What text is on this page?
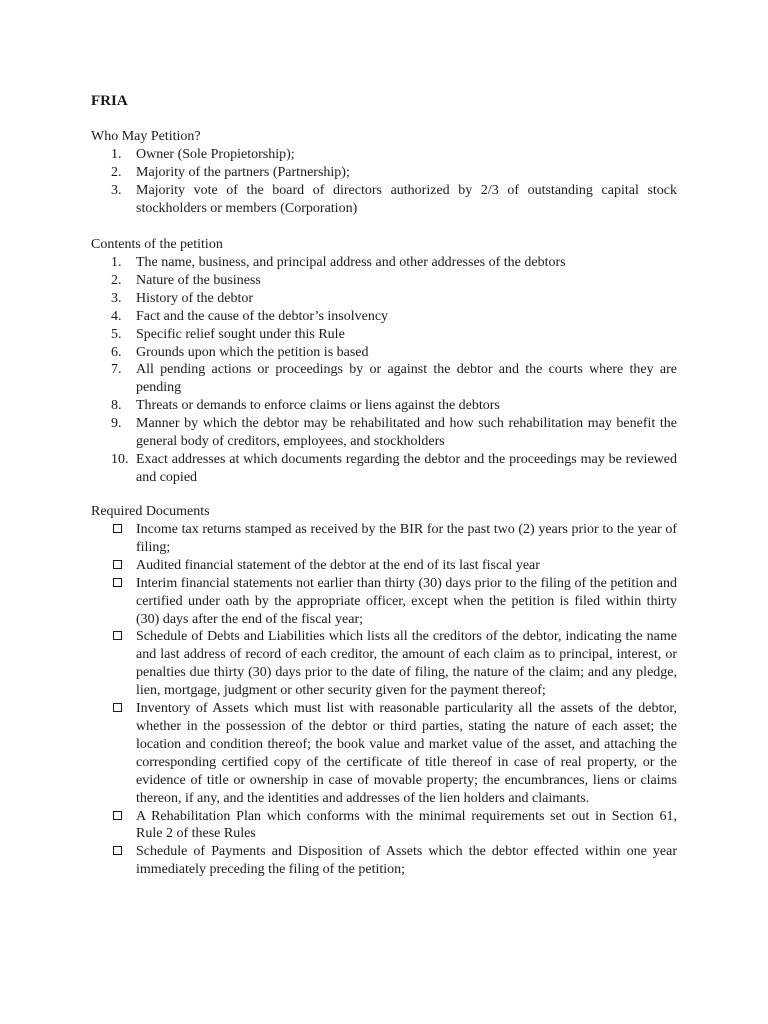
FRIA
Who May Petition?
1. Owner (Sole Propietorship);
2. Majority of the partners (Partnership);
3. Majority vote of the board of directors authorized by 2/3 of outstanding capital stock stockholders or members (Corporation)
Contents of the petition
1. The name, business, and principal address and other addresses of the debtors
2. Nature of the business
3. History of the debtor
4. Fact and the cause of the debtor’s insolvency
5. Specific relief sought under this Rule
6. Grounds upon which the petition is based
7. All pending actions or proceedings by or against the debtor and the courts where they are pending
8. Threats or demands to enforce claims or liens against the debtors
9. Manner by which the debtor may be rehabilitated and how such rehabilitation may benefit the general body of creditors, employees, and stockholders
10. Exact addresses at which documents regarding the debtor and the proceedings may be reviewed and copied
Required Documents
Income tax returns stamped as received by the BIR for the past two (2) years prior to the year of filing;
Audited financial statement of the debtor at the end of its last fiscal year
Interim financial statements not earlier than thirty (30) days prior to the filing of the petition and certified under oath by the appropriate officer, except when the petition is filed within thirty (30) days after the end of the fiscal year;
Schedule of Debts and Liabilities which lists all the creditors of the debtor, indicating the name and last address of record of each creditor, the amount of each claim as to principal, interest, or penalties due thirty (30) days prior to the date of filing, the nature of the claim; and any pledge, lien, mortgage, judgment or other security given for the payment thereof;
Inventory of Assets which must list with reasonable particularity all the assets of the debtor, whether in the possession of the debtor or third parties, stating the nature of each asset; the location and condition thereof; the book value and market value of the asset, and attaching the corresponding certified copy of the certificate of title thereof in case of real property, or the evidence of title or ownership in case of movable property; the encumbrances, liens or claims thereon, if any, and the identities and addresses of the lien holders and claimants.
A Rehabilitation Plan which conforms with the minimal requirements set out in Section 61, Rule 2 of these Rules
Schedule of Payments and Disposition of Assets which the debtor effected within one year immediately preceding the filing of the petition;
